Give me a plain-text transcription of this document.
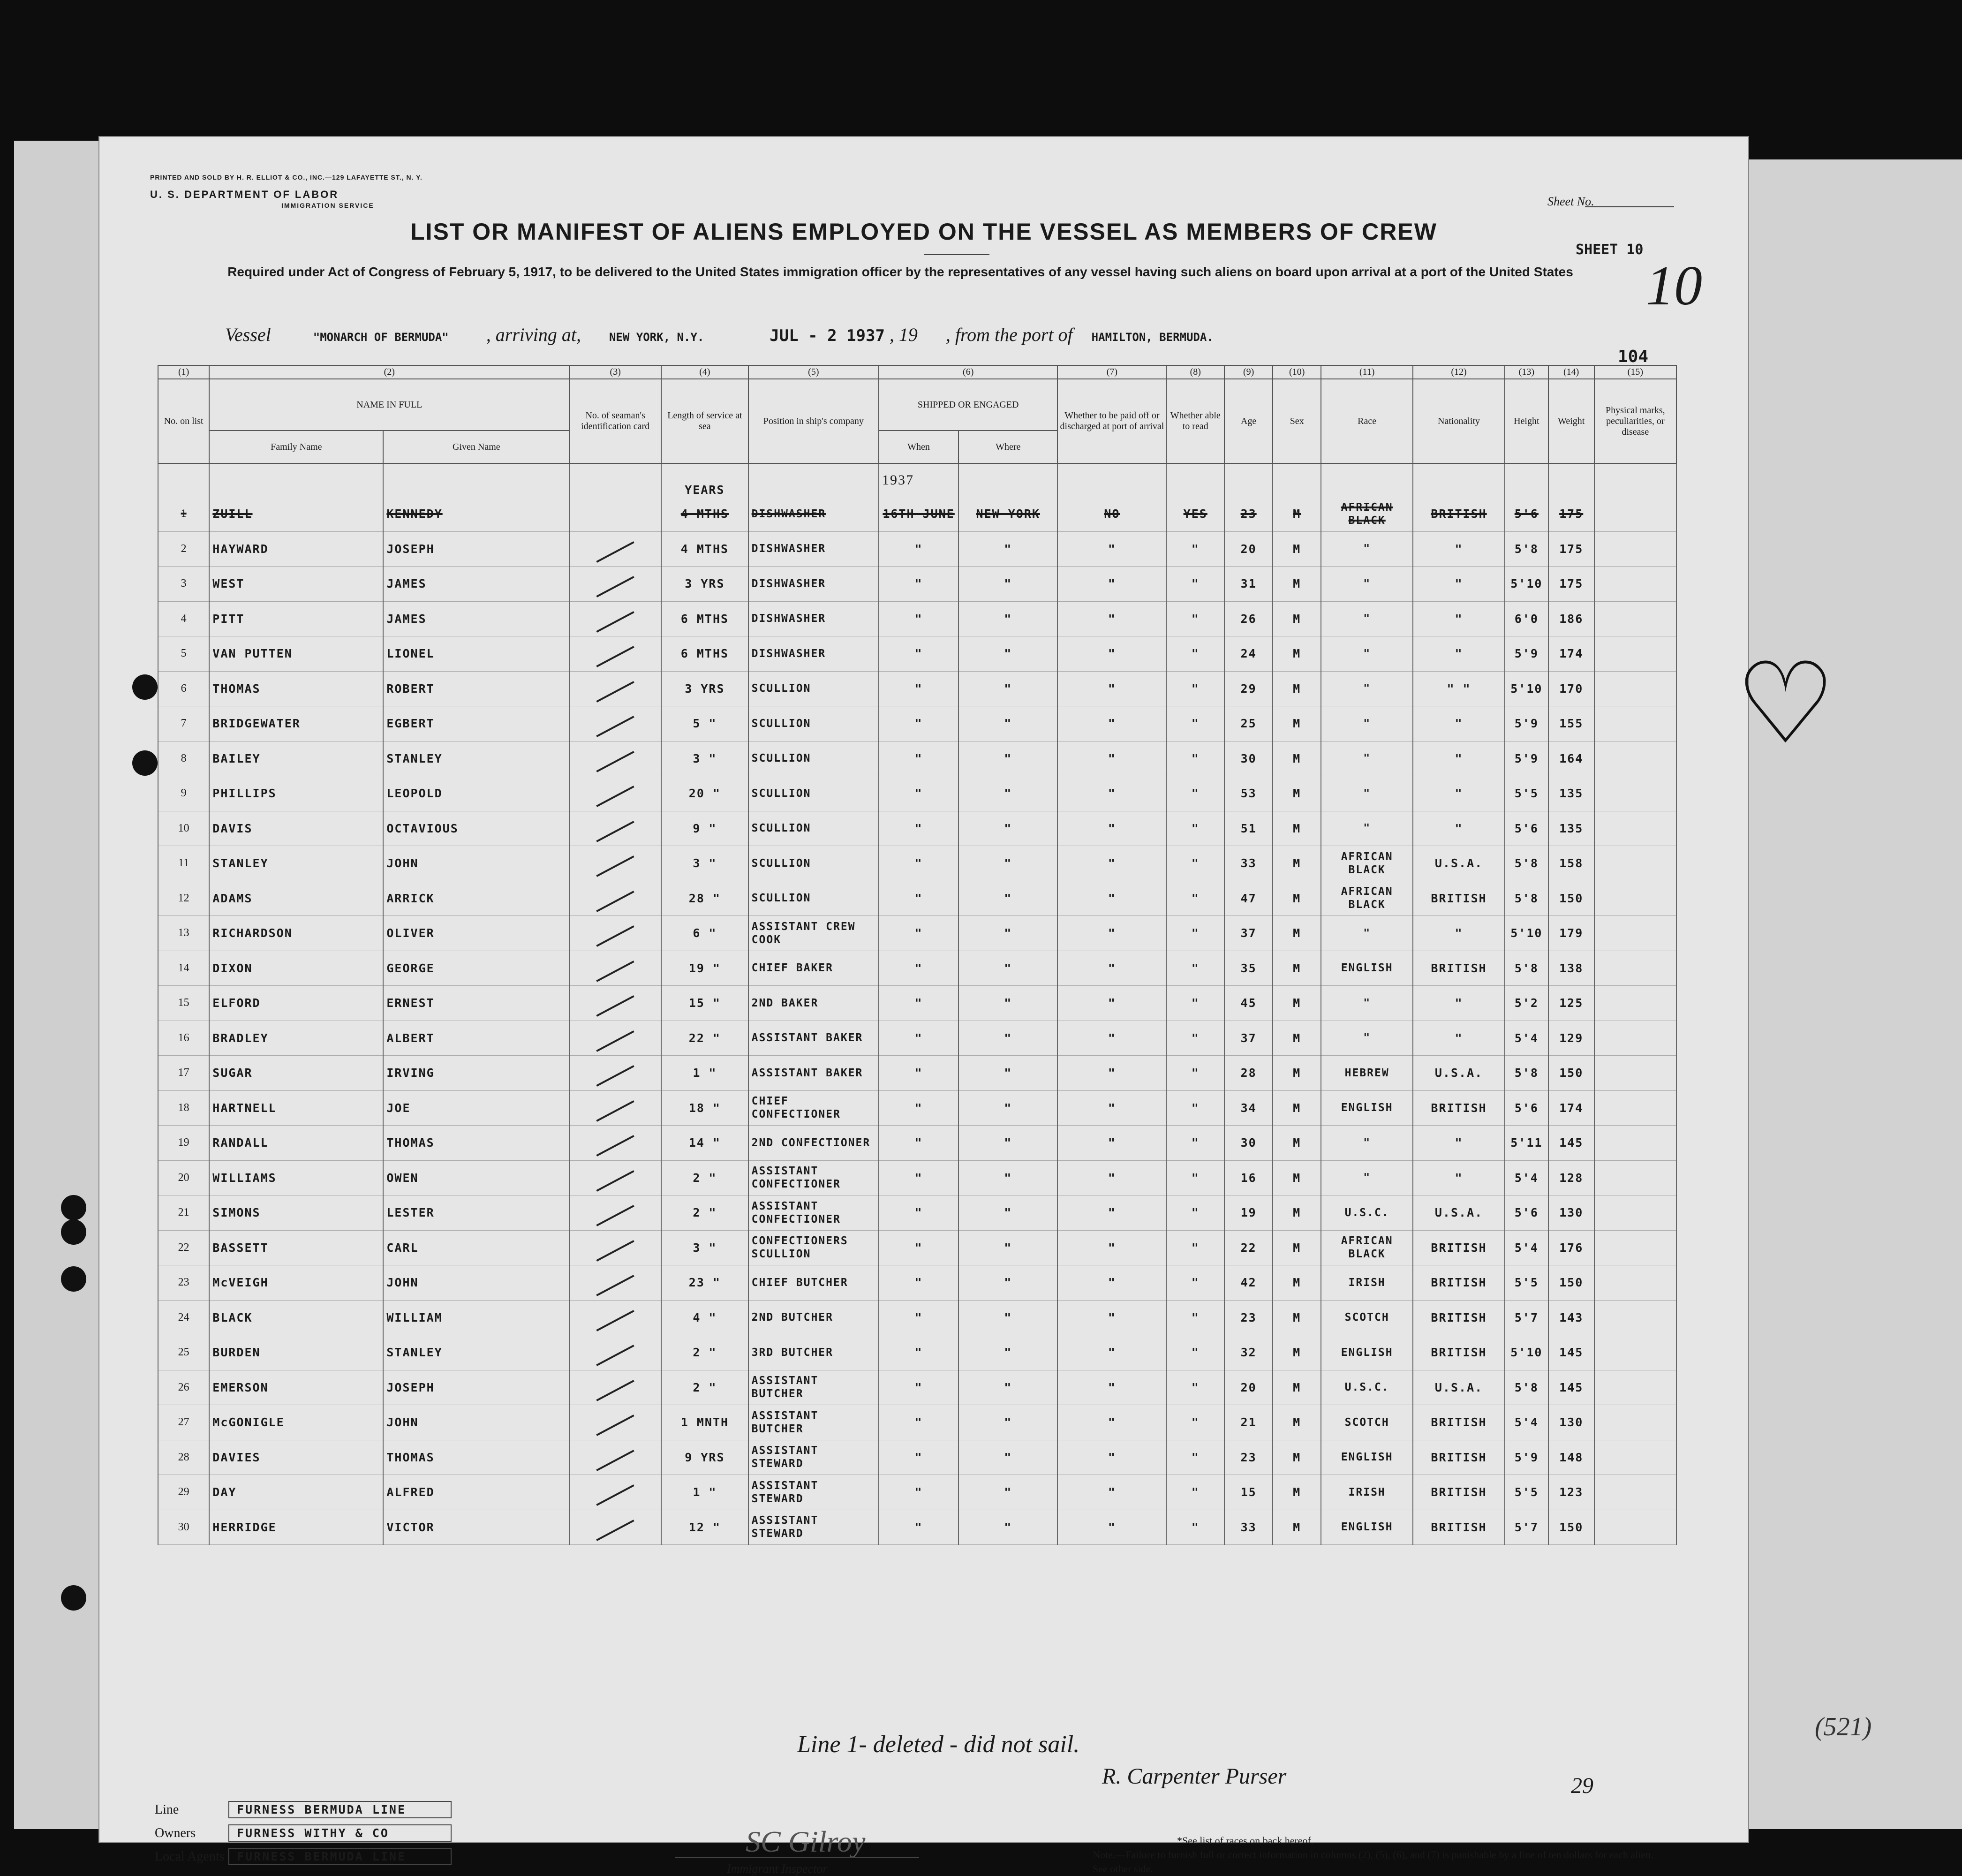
PRINTED AND SOLD BY H. R. ELLIOT & CO., INC.—129 LAFAYETTE ST., N. Y.
U. S. DEPARTMENT OF LABOR
IMMIGRATION SERVICE	Sheet No.
LIST OR MANIFEST OF ALIENS EMPLOYED ON THE VESSEL AS MEMBERS OF CREW
Required under Act of Congress of February 5, 1917, to be delivered to the United States immigration officer by the representatives of any vessel having such aliens on board upon arrival at a port of the United States
SHEET 10
10
Vessel	"MONARCH OF BERMUDA" , arriving at,	NEW YORK, N.Y.	JUL - 2 1937 , 19 , from the port of HAMILTON, BERMUDA.
104
(1)	(2)		(3)	(4)	(5)	(6)		(7)	(8)	(9)	(10)	(11)	(12)	(13)	(14)	(15)
No. on list	NAME IN FULL		No. of seaman's identification card	Length of service at sea	Position in ship's company	SHIPPED OR ENGAGED		Whether to be paid off or discharged at port of arrival	Whether able to read	Age	Sex	Race	Nationality	Height	Weight	Physical marks, peculiarities, or disease
	Family Name	Given Name				When	Where									
				YEARS		1937										
1	ZUILL	KENNEDY		4 MTHS	DISHWASHER	16TH JUNE	NEW YORK	NO	YES	23	M	AFRICAN BLACK	BRITISH	5'6	175	
2	HAYWARD	JOSEPH		4 MTHS	DISHWASHER	"	"	"	"	20	M	"	"	5'8	175	
3	WEST	JAMES		3 YRS	DISHWASHER	"	"	"	"	31	M	"	"	5'10	175	
4	PITT	JAMES		6 MTHS	DISHWASHER	"	"	"	"	26	M	"	"	6'0	186	
5	VAN PUTTEN	LIONEL		6 MTHS	DISHWASHER	"	"	"	"	24	M	"	"	5'9	174	
6	THOMAS	ROBERT		3 YRS	SCULLION	"	"	"	"	29	M	"	" "	5'10	170	
7	BRIDGEWATER	EGBERT		5 "	SCULLION	"	"	"	"	25	M	"	"	5'9	155	
8	BAILEY	STANLEY		3 "	SCULLION	"	"	"	"	30	M	"	"	5'9	164	
9	PHILLIPS	LEOPOLD		20 "	SCULLION	"	"	"	"	53	M	"	"	5'5	135	
10	DAVIS	OCTAVIOUS		9 "	SCULLION	"	"	"	"	51	M	"	"	5'6	135	
11	STANLEY	JOHN		3 "	SCULLION	"	"	"	"	33	M	AFRICAN BLACK	U.S.A.	5'8	158	
12	ADAMS	ARRICK		28 "	SCULLION	"	"	"	"	47	M	AFRICAN BLACK	BRITISH	5'8	150	
13	RICHARDSON	OLIVER		6 "	ASSISTANT CREW COOK	"	"	"	"	37	M	"	"	5'10	179	
14	DIXON	GEORGE		19 "	CHIEF BAKER	"	"	"	"	35	M	ENGLISH	BRITISH	5'8	138	
15	ELFORD	ERNEST		15 "	2ND BAKER	"	"	"	"	45	M	"	"	5'2	125	
16	BRADLEY	ALBERT		22 "	ASSISTANT BAKER	"	"	"	"	37	M	"	"	5'4	129	
17	SUGAR	IRVING		1 "	ASSISTANT BAKER	"	"	"	"	28	M	HEBREW	U.S.A.	5'8	150	
18	HARTNELL	JOE		18 "	CHIEF CONFECTIONER	"	"	"	"	34	M	ENGLISH	BRITISH	5'6	174	
19	RANDALL	THOMAS		14 "	2ND CONFECTIONER	"	"	"	"	30	M	"	"	5'11	145	
20	WILLIAMS	OWEN		2 "	ASSISTANT CONFECTIONER	"	"	"	"	16	M	"	"	5'4	128	
21	SIMONS	LESTER		2 "	ASSISTANT CONFECTIONER	"	"	"	"	19	M	U.S.C.	U.S.A.	5'6	130	
22	BASSETT	CARL		3 "	CONFECTIONERS SCULLION	"	"	"	"	22	M	AFRICAN BLACK	BRITISH	5'4	176	
23	McVEIGH	JOHN		23 "	CHIEF BUTCHER	"	"	"	"	42	M	IRISH	BRITISH	5'5	150	
24	BLACK	WILLIAM		4 "	2ND BUTCHER	"	"	"	"	23	M	SCOTCH	BRITISH	5'7	143	
25	BURDEN	STANLEY		2 "	3RD BUTCHER	"	"	"	"	32	M	ENGLISH	BRITISH	5'10	145	
26	EMERSON	JOSEPH		2 "	ASSISTANT BUTCHER	"	"	"	"	20	M	U.S.C.	U.S.A.	5'8	145	
27	McGONIGLE	JOHN		1 MNTH	ASSISTANT BUTCHER	"	"	"	"	21	M	SCOTCH	BRITISH	5'4	130	
28	DAVIES	THOMAS		9 YRS	ASSISTANT STEWARD	"	"	"	"	23	M	ENGLISH	BRITISH	5'9	148	
29	DAY	ALFRED		1 "	ASSISTANT STEWARD	"	"	"	"	15	M	IRISH	BRITISH	5'5	123	
30	HERRIDGE	VICTOR		12 "	ASSISTANT STEWARD	"	"	"	"	33	M	ENGLISH	BRITISH	5'7	150	
Line 1- deleted - did not sail.
R. Carpenter Purser	29
Line	FURNESS BERMUDA LINE
Owners	FURNESS WITHY & CO
Local Agents FURNESS BERMUDA LINE	SC Gilroy
Immigrant Inspector
*See list of races on back hereof.
Note.—Failure to furnish full or correct information in columns (2), (5), (6), and (7) is punishable by a fine of ten dollars for each alien. See other side.
♡
(521)
